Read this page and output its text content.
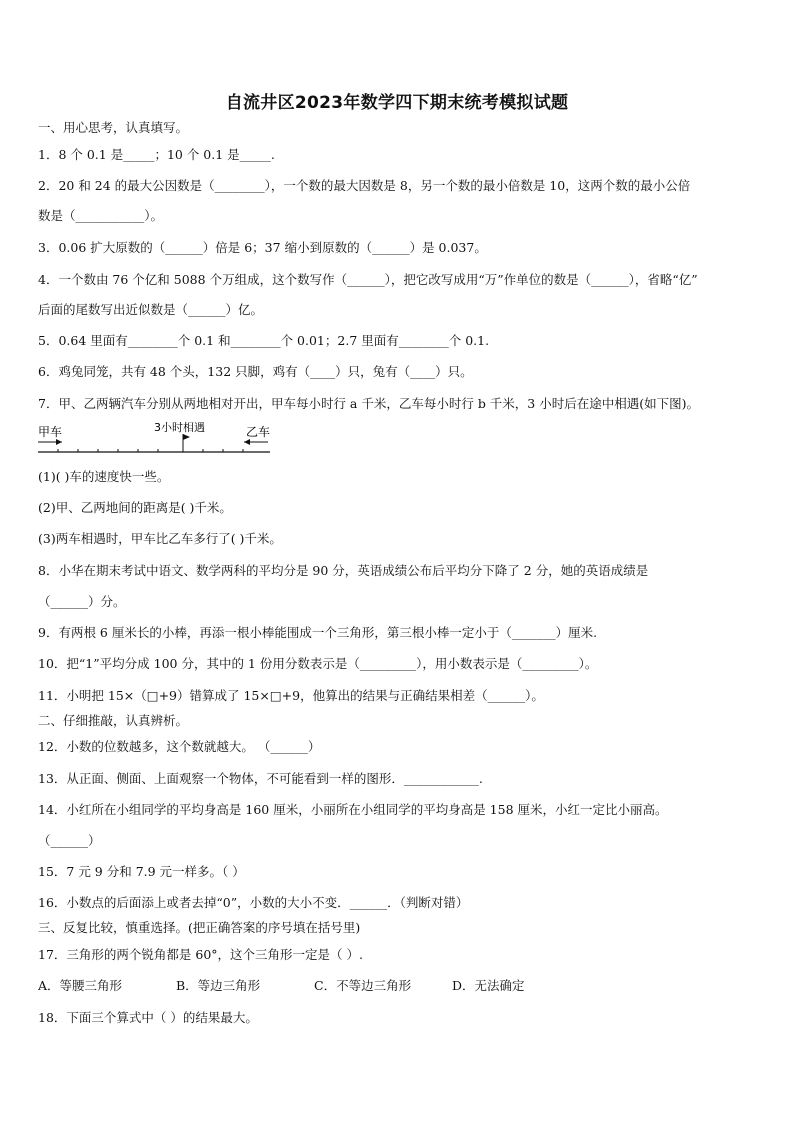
自流井区2023年数学四下期末统考模拟试题
一、用心思考，认真填写。
1．8 个 0.1 是_____；10 个 0.1 是_____.
2．20 和 24 的最大公因数是（________），一个数的最大因数是 8，另一个数的最小倍数是 10，这两个数的最小公倍
数是（___________）。
3．0.06 扩大原数的（______）倍是 6；37 缩小到原数的（______）是 0.037。
4．一个数由 76 个亿和 5088 个万组成，这个数写作（______），把它改写成用“万”作单位的数是（______），省略“亿”
后面的尾数写出近似数是（______）亿。
5．0.64 里面有________个 0.1 和________个 0.01；2.7 里面有________个 0.1.
6．鸡兔同笼，共有 48 个头，132 只脚，鸡有（____）只，兔有（____）只。
7．甲、乙两辆汽车分别从两地相对开出，甲车每小时行 a 千米，乙车每小时行 b 千米，3 小时后在途中相遇(如下图)。
(1)( )车的速度快一些。
(2)甲、乙两地间的距离是( )千米。
(3)两车相遇时，甲车比乙车多行了( )千米。
8．小华在期末考试中语文、数学两科的平均分是 90 分，英语成绩公布后平均分下降了 2 分，她的英语成绩是
（______）分。
9．有两根 6 厘米长的小棒，再添一根小棒能围成一个三角形，第三根小棒一定小于（_______）厘米.
10．把“1”平均分成 100 分，其中的 1 份用分数表示是（_________），用小数表示是（_________）。
11．小明把 15×（□+9）错算成了 15×□+9，他算出的结果与正确结果相差（______）。
二、仔细推敲，认真辨析。
12．小数的位数越多，这个数就越大。 （______）
13．从正面、侧面、上面观察一个物体，不可能看到一样的图形．____________.
14．小红所在小组同学的平均身高是 160 厘米，小丽所在小组同学的平均身高是 158 厘米，小红一定比小丽高。
（______）
15．7 元 9 分和 7.9 元一样多。（ ）
16．小数点的后面添上或者去掉“0”，小数的大小不变．______．（判断对错）
三、反复比较，慎重选择。(把正确答案的序号填在括号里)
17．三角形的两个锐角都是 60°，这个三角形一定是（ ）.
18．下面三个算式中（ ）的结果最大。
A．等腰三角形	B．等边三角形	C．不等边三角形	D．无法确定
甲车	3小时相遇	乙车
